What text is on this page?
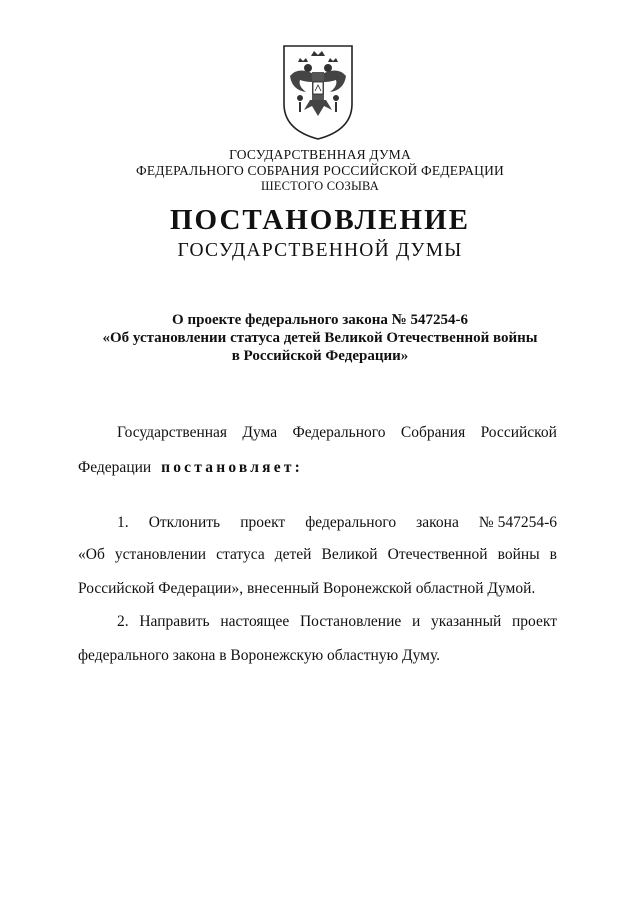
ГОСУДАРСТВЕННАЯ ДУМА
ФЕДЕРАЛЬНОГО СОБРАНИЯ РОССИЙСКОЙ ФЕДЕРАЦИИ
ШЕСТОГО СОЗЫВА
ПОСТАНОВЛЕНИЕ
ГОСУДАРСТВЕННОЙ ДУМЫ
О проекте федерального закона № 547254-6
«Об установлении статуса детей Великой Отечественной войны
в Российской Федерации»
Государственная Дума Федерального Собрания Российской
Федерации постановляет:
1. Отклонить проект федерального закона № 547254-6
«Об установлении статуса детей Великой Отечественной войны в
Российской Федерации», внесенный Воронежской областной Думой.
2. Направить настоящее Постановление и указанный проект
федерального закона в Воронежскую областную Думу.
